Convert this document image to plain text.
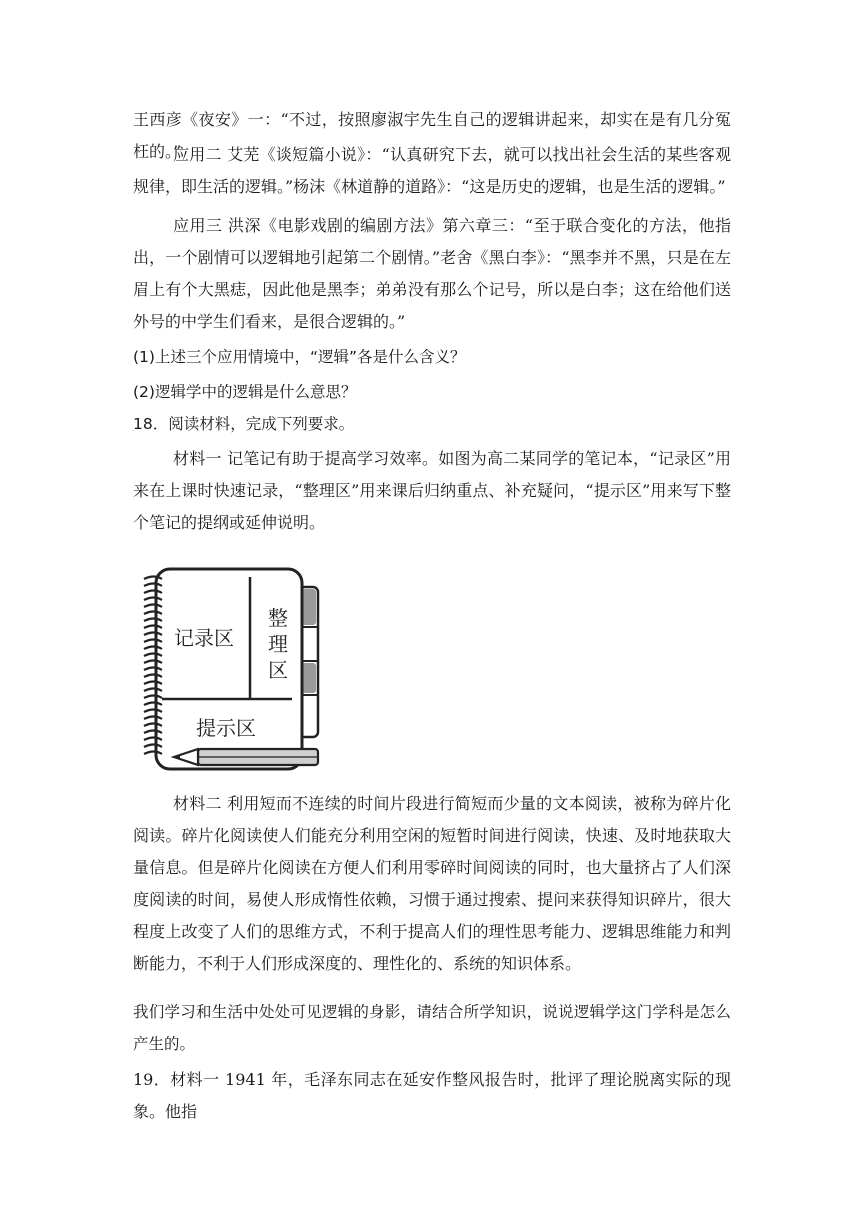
王西彦《夜安》一：“不过，按照廖淑宇先生自己的逻辑讲起来，却实在是有几分冤枉的。”

应用二 艾芜《谈短篇小说》：“认真研究下去，就可以找出社会生活的某些客观规律，即生活的逻辑。”杨沫《林道静的道路》：“这是历史的逻辑，也是生活的逻辑。”

应用三 洪深《电影戏剧的编剧方法》第六章三：“至于联合变化的方法，他指出，一个剧情可以逻辑地引起第二个剧情。”老舍《黑白李》：“黑李并不黑，只是在左眉上有个大黑痣，因此他是黑李；弟弟没有那么个记号，所以是白李；这在给他们送外号的中学生们看来，是很合逻辑的。”

(1)上述三个应用情境中，“逻辑”各是什么含义？

(2)逻辑学中的逻辑是什么意思？

18．阅读材料，完成下列要求。

材料一 记笔记有助于提高学习效率。如图为高二某同学的笔记本，“记录区”用来在上课时快速记录，“整理区”用来课后归纳重点、补充疑问，“提示区”用来写下整个笔记的提纲或延伸说明。

记录区
整
理
区
提示区

材料二 利用短而不连续的时间片段进行简短而少量的文本阅读，被称为碎片化阅读。碎片化阅读使人们能充分利用空闲的短暂时间进行阅读，快速、及时地获取大量信息。但是碎片化阅读在方便人们利用零碎时间阅读的同时，也大量挤占了人们深度阅读的时间，易使人形成惰性依赖，习惯于通过搜索、提问来获得知识碎片，很大程度上改变了人们的思维方式，不利于提高人们的理性思考能力、逻辑思维能力和判断能力，不利于人们形成深度的、理性化的、系统的知识体系。

我们学习和生活中处处可见逻辑的身影，请结合所学知识，说说逻辑学这门学科是怎么产生的。

19．材料一 1941 年，毛泽东同志在延安作整风报告时，批评了理论脱离实际的现象。他指
